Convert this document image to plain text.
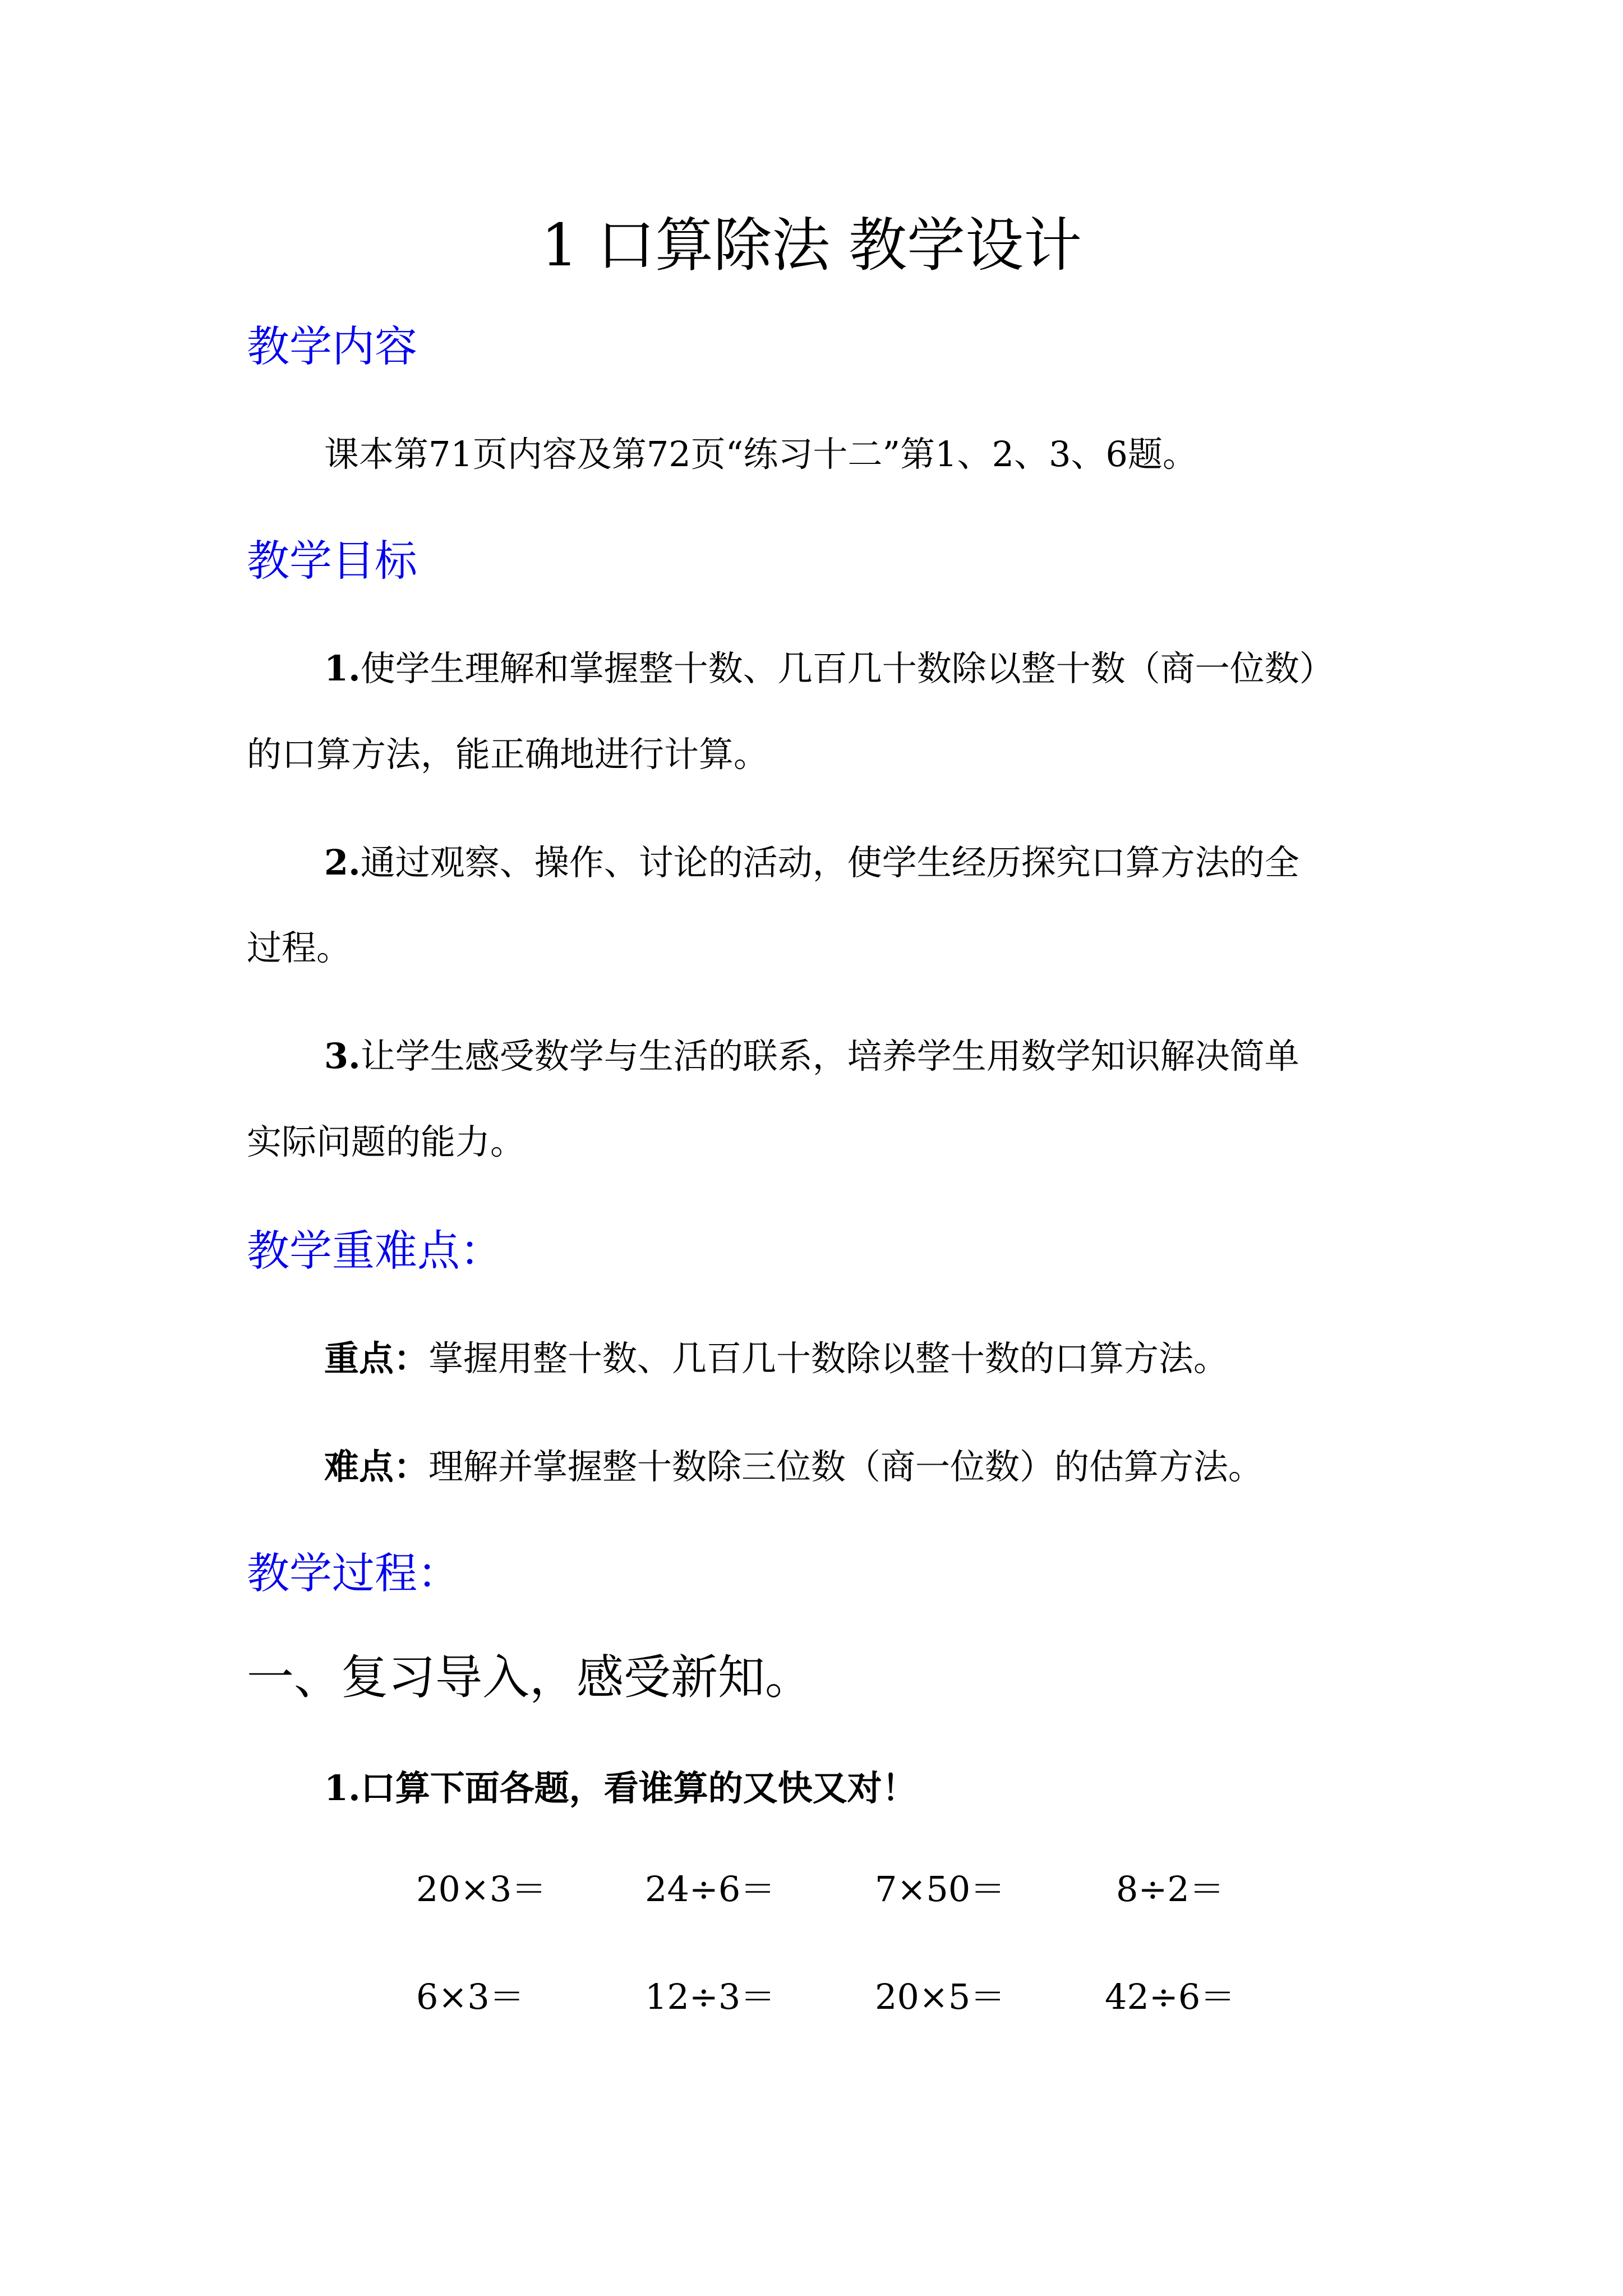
1 口算除法 教学设计
教学内容
课本第71页内容及第72页“练习十二”第1、2、3、6题。
教学目标
1.使学生理解和掌握整十数、几百几十数除以整十数（商一位数）
的口算方法，能正确地进行计算。
2.通过观察、操作、讨论的活动，使学生经历探究口算方法的全
过程。
3.让学生感受数学与生活的联系，培养学生用数学知识解决简单
实际问题的能力。
教学重难点：
重点：掌握用整十数、几百几十数除以整十数的口算方法。
难点：理解并掌握整十数除三位数（商一位数）的估算方法。
教学过程：
一、复习导入，感受新知。
1.口算下面各题，看谁算的又快又对！
20×3＝	24÷6＝	7×50＝	8÷2＝
6×3＝	12÷3＝	20×5＝	42÷6＝
